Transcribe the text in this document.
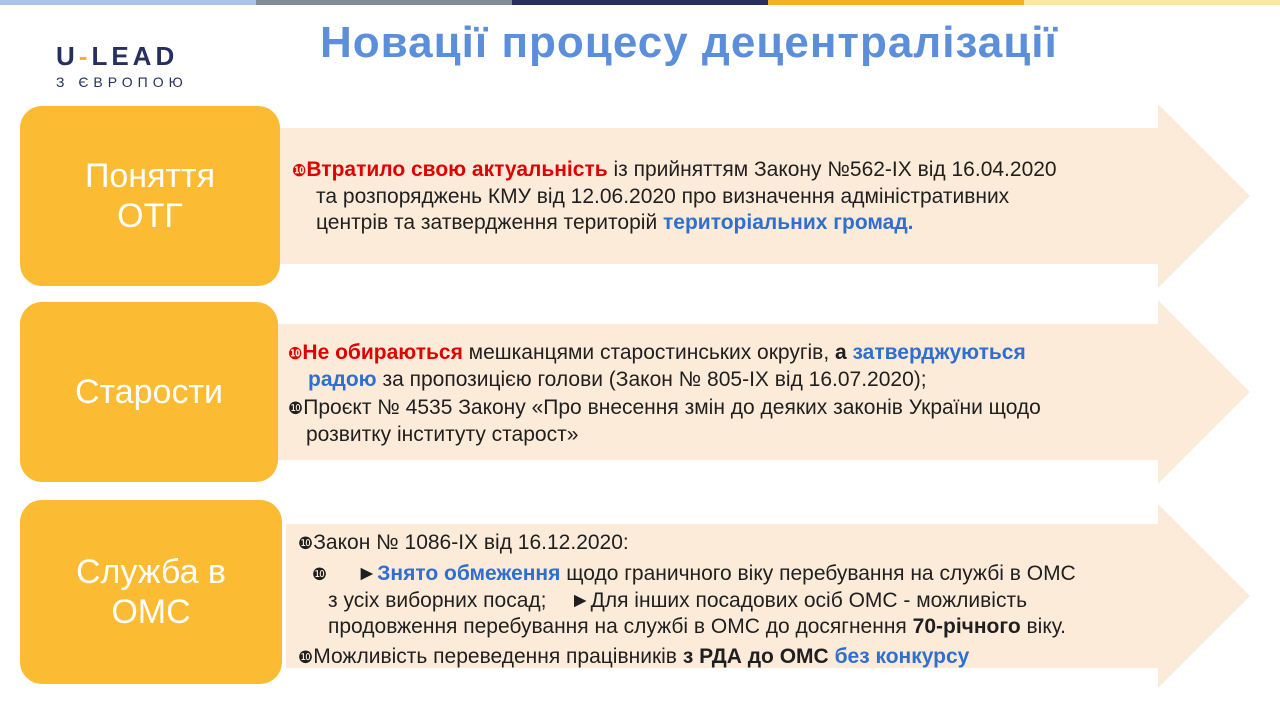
U-LEAD
З ЄВРОПОЮ
Новації процесу децентралізації
Поняття ОТГ

❿Втратило свою актуальність із прийняттям Закону №562-IX від 16.04.2020

та розпоряджень КМУ від 12.06.2020 про визначення адміністративних

центрів та затвердження територій територіальних громад.

Старости

❿Не обираються мешканцями старостинських округів, а затверджуються

радою за пропозицією голови (Закон № 805-IX від 16.07.2020);

❿Проєкт № 4535 Закону «Про внесення змін до деяких законів України щодо

розвитку інституту старост»

Служба в ОМС

❿Закон № 1086-IX від 16.12.2020:

❿ ►Знято обмеження щодо граничного віку перебування на службі в ОМС

з усіх виборних посад; ►Для інших посадових осіб ОМС - можливість

продовження перебування на службі в ОМС до досягнення 70-річного віку.

❿Можливість переведення працівників з РДА до ОМС без конкурсу
